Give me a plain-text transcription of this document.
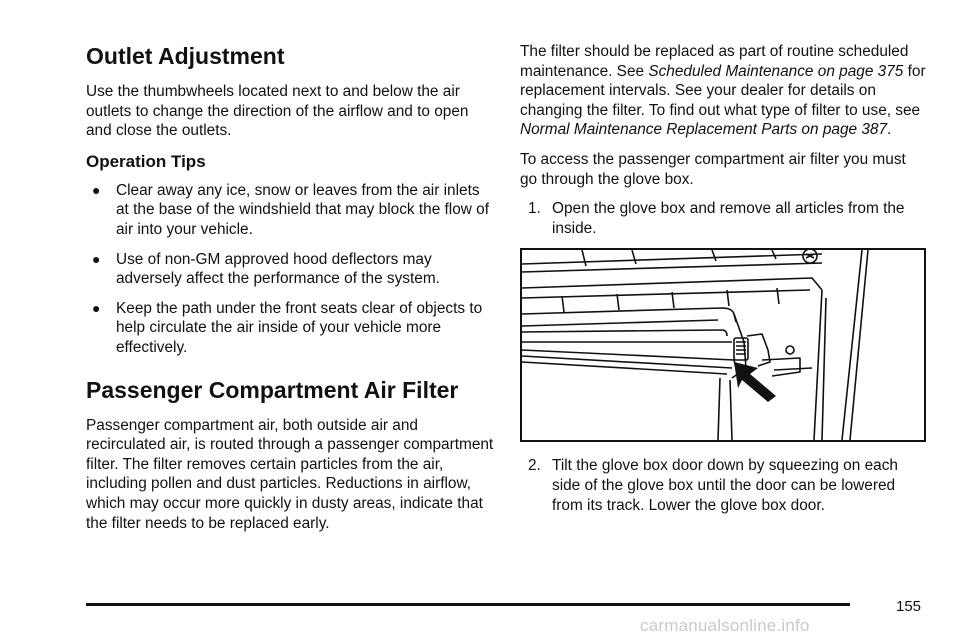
Outlet Adjustment

Use the thumbwheels located next to and below the air outlets to change the direction of the airflow and to open and close the outlets.

Operation Tips
● Clear away any ice, snow or leaves from the air inlets at the base of the windshield that may block the flow of air into your vehicle.
● Use of non-GM approved hood deflectors may adversely affect the performance of the system.
● Keep the path under the front seats clear of objects to help circulate the air inside of your vehicle more effectively.
Passenger Compartment Air Filter

Passenger compartment air, both outside air and recirculated air, is routed through a passenger compartment filter. The filter removes certain particles from the air, including pollen and dust particles. Reductions in airflow, which may occur more quickly in dusty areas, indicate that the filter needs to be replaced early.

The filter should be replaced as part of routine scheduled maintenance. See Scheduled Maintenance on page 375 for replacement intervals. See your dealer for details on changing the filter. To find out what type of filter to use, see Normal Maintenance Replacement Parts on page 387.

To access the passenger compartment air filter you must go through the glove box.

1. Open the glove box and remove all articles from the inside.
2. Tilt the glove box door down by squeezing on each side of the glove box until the door can be lowered from its track. Lower the glove box door.
155
carmanualsonline.info
